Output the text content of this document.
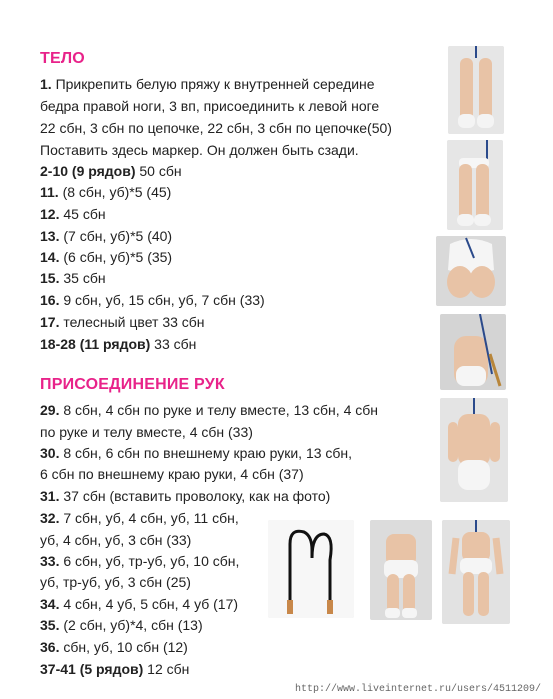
ТЕЛО
1. Прикрепить белую пряжу к внутренней середине
бедра правой ноги, 3 вп, присоединить к левой ноге
22 сбн, 3 сбн по цепочке, 22 сбн, 3 сбн по цепочке(50)
Поставить здесь маркер. Он должен быть сзади.
2-10 (9 рядов) 50 сбн
11. (8 сбн, уб)*5 (45)
12. 45 сбн
13. (7 сбн, уб)*5 (40)
14. (6 сбн, уб)*5 (35)
15. 35 сбн
16. 9 сбн, уб, 15 сбн, уб, 7 сбн (33)
17. телесный цвет 33 сбн
18-28 (11 рядов) 33 сбн
ПРИСОЕДИНЕНИЕ РУК
29. 8 сбн, 4 сбн по руке и телу вместе, 13 сбн, 4 сбн
по руке и телу вместе, 4 сбн (33)
30. 8 сбн, 6 сбн по внешнему краю руки, 13 сбн,
6 сбн по внешнему краю руки, 4 сбн (37)
31. 37 сбн (вставить проволоку, как на фото)
32. 7 сбн, уб, 4 сбн, уб, 11 сбн,
уб, 4 сбн, уб, 3 сбн (33)
33. 6 сбн, уб, тр-уб, уб, 10 сбн,
уб, тр-уб, уб, 3 сбн (25)
34. 4 сбн, 4 уб, 5 сбн, 4 уб (17)
35. (2 сбн, уб)*4, сбн (13)
36. сбн, уб, 10 сбн (12)
37-41 (5 рядов) 12 сбн
http://www.liveinternet.ru/users/4511209/
